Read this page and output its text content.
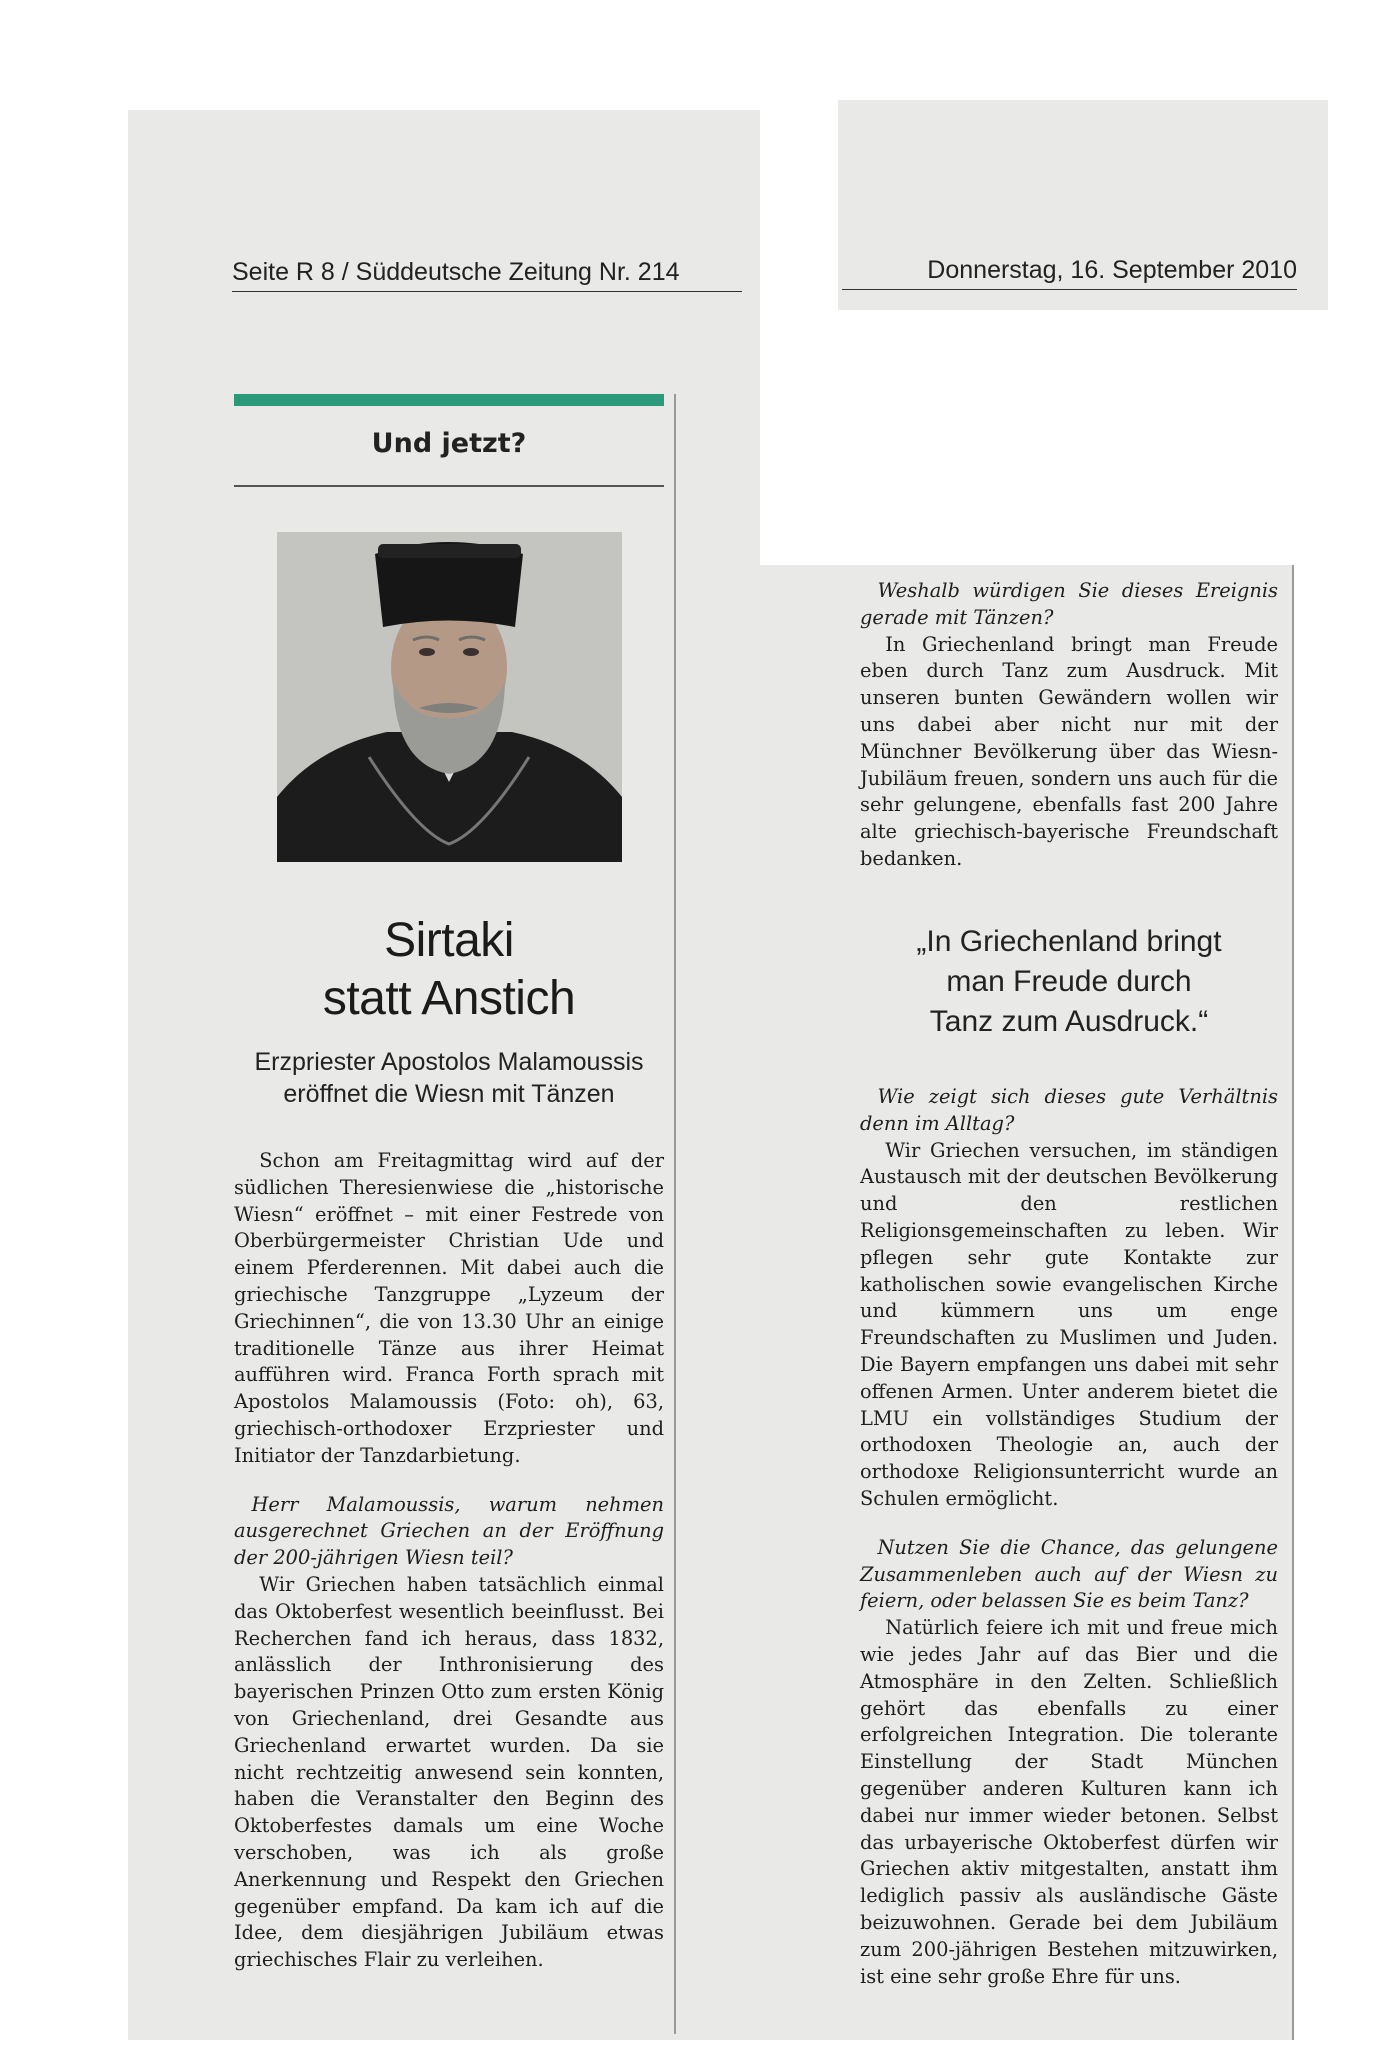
Seite R 8 / Süddeutsche Zeitung Nr. 214	Donnerstag, 16. September 2010
Und jetzt?
Sirtaki
statt Anstich
Erzpriester Apostolos Malamoussis
eröffnet die Wiesn mit Tänzen

Schon am Freitagmittag wird auf der südlichen Theresienwiese die „historische Wiesn“ eröffnet – mit einer Festrede von Oberbürgermeister Christian Ude und einem Pferderennen. Mit dabei auch die griechische Tanzgruppe „Lyzeum der Griechinnen“, die von 13.30 Uhr an einige traditionelle Tänze aus ihrer Heimat aufführen wird. Franca Forth sprach mit Apostolos Malamoussis (Foto: oh), 63, griechisch-orthodoxer Erzpriester und Initiator der Tanzdarbietung.

Herr Malamoussis, warum nehmen ausgerechnet Griechen an der Eröffnung der 200-jährigen Wiesn teil?

Wir Griechen haben tatsächlich einmal das Oktoberfest wesentlich beeinflusst. Bei Recherchen fand ich heraus, dass 1832, anlässlich der Inthronisierung des bayerischen Prinzen Otto zum ersten König von Griechenland, drei Gesandte aus Griechenland erwartet wurden. Da sie nicht rechtzeitig anwesend sein konnten, haben die Veranstalter den Beginn des Oktoberfestes damals um eine Woche verschoben, was ich als große Anerkennung und Respekt den Griechen gegenüber empfand. Da kam ich auf die Idee, dem diesjährigen Jubiläum etwas griechisches Flair zu verleihen.

Weshalb würdigen Sie dieses Ereignis gerade mit Tänzen?

In Griechenland bringt man Freude eben durch Tanz zum Ausdruck. Mit unseren bunten Gewändern wollen wir uns dabei aber nicht nur mit der Münchner Bevölkerung über das Wiesn-Jubiläum freuen, sondern uns auch für die sehr gelungene, ebenfalls fast 200 Jahre alte griechisch-bayerische Freundschaft bedanken.

„In Griechenland bringt
man Freude durch
Tanz zum Ausdruck.“

Wie zeigt sich dieses gute Verhältnis denn im Alltag?

Wir Griechen versuchen, im ständigen Austausch mit der deutschen Bevölkerung und den restlichen Religionsgemeinschaften zu leben. Wir pflegen sehr gute Kontakte zur katholischen sowie evangelischen Kirche und kümmern uns um enge Freundschaften zu Muslimen und Juden. Die Bayern empfangen uns dabei mit sehr offenen Armen. Unter anderem bietet die LMU ein vollständiges Studium der orthodoxen Theologie an, auch der orthodoxe Religionsunterricht wurde an Schulen ermöglicht.

Nutzen Sie die Chance, das gelungene Zusammenleben auch auf der Wiesn zu feiern, oder belassen Sie es beim Tanz?

Natürlich feiere ich mit und freue mich wie jedes Jahr auf das Bier und die Atmosphäre in den Zelten. Schließlich gehört das ebenfalls zu einer erfolgreichen Integration. Die tolerante Einstellung der Stadt München gegenüber anderen Kulturen kann ich dabei nur immer wieder betonen. Selbst das urbayerische Oktoberfest dürfen wir Griechen aktiv mitgestalten, anstatt ihm lediglich passiv als ausländische Gäste beizuwohnen. Gerade bei dem Jubiläum zum 200-jährigen Bestehen mitzuwirken, ist eine sehr große Ehre für uns.
